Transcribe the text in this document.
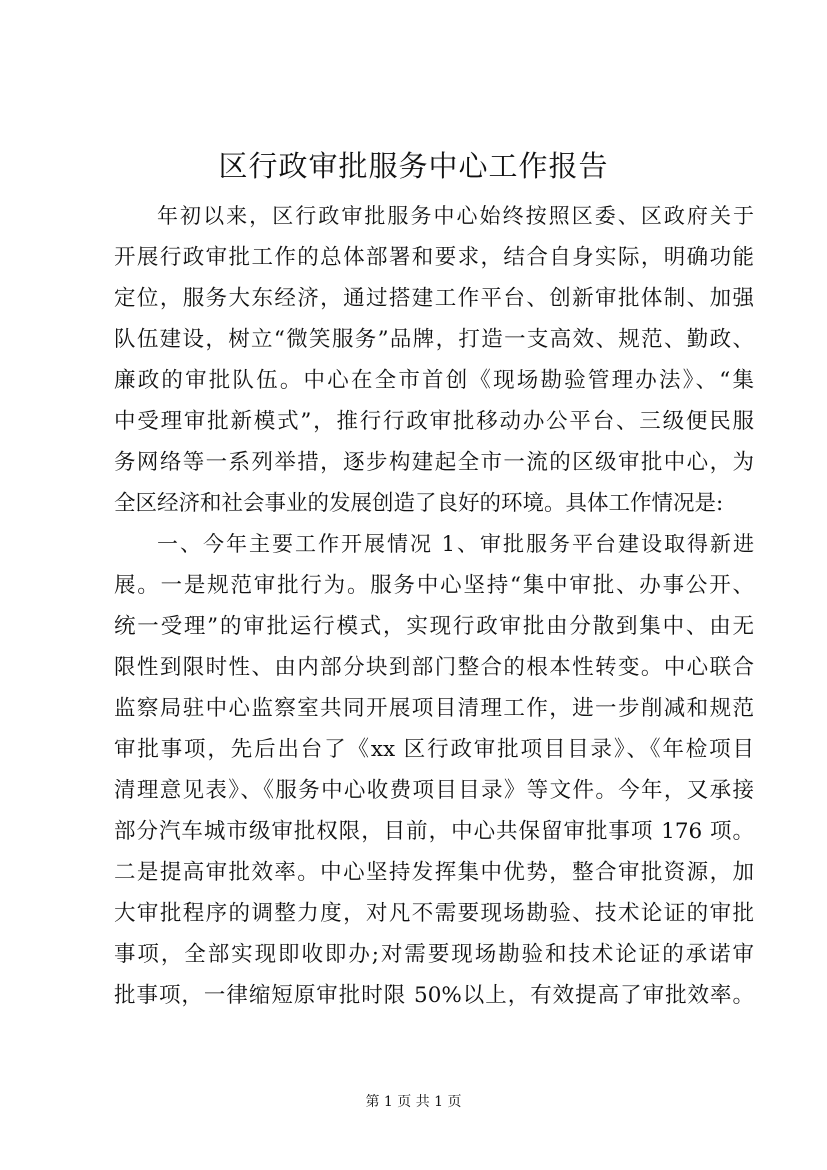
区行政审批服务中心工作报告
年初以来，区行政审批服务中心始终按照区委、区政府关于
开展行政审批工作的总体部署和要求，结合自身实际，明确功能
定位，服务大东经济，通过搭建工作平台、创新审批体制、加强
队伍建设，树立“微笑服务”品牌，打造一支高效、规范、勤政、
廉政的审批队伍。中心在全市首创《现场勘验管理办法》、“集
中受理审批新模式”，推行行政审批移动办公平台、三级便民服
务网络等一系列举措，逐步构建起全市一流的区级审批中心，为
全区经济和社会事业的发展创造了良好的环境。具体工作情况是:
一、今年主要工作开展情况 1、审批服务平台建设取得新进
展。一是规范审批行为。服务中心坚持“集中审批、办事公开、
统一受理”的审批运行模式，实现行政审批由分散到集中、由无
限性到限时性、由内部分块到部门整合的根本性转变。中心联合
监察局驻中心监察室共同开展项目清理工作，进一步削减和规范
审批事项，先后出台了《xx 区行政审批项目目录》、《年检项目
清理意见表》、《服务中心收费项目目录》等文件。今年，又承接
部分汽车城市级审批权限，目前，中心共保留审批事项 176 项。
二是提高审批效率。中心坚持发挥集中优势，整合审批资源，加
大审批程序的调整力度，对凡不需要现场勘验、技术论证的审批
事项，全部实现即收即办;对需要现场勘验和技术论证的承诺审
批事项，一律缩短原审批时限 50%以上，有效提高了审批效率。
第 1 页 共 1 页
